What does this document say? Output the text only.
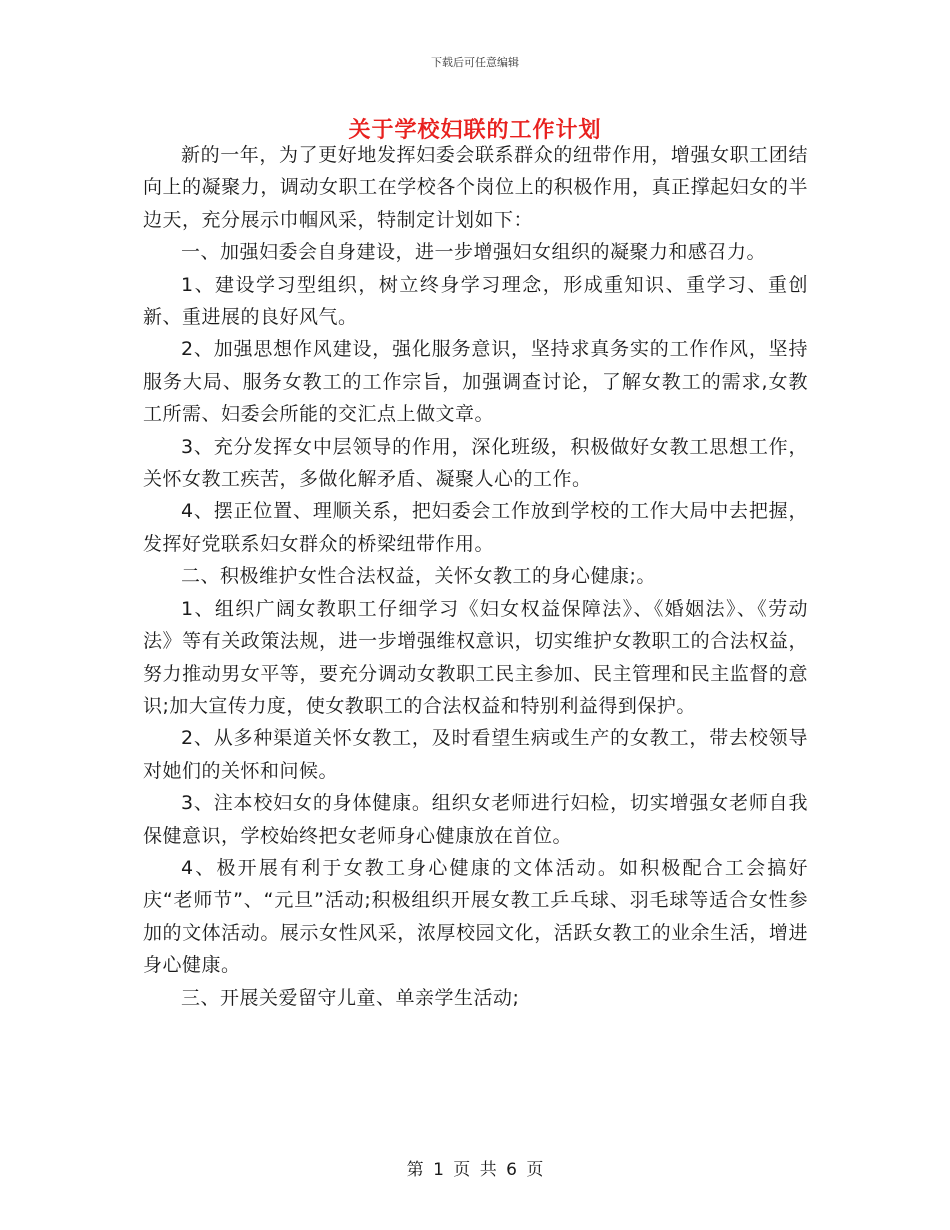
下载后可任意编辑
关于学校妇联的工作计划

新的一年，为了更好地发挥妇委会联系群众的纽带作用，增强女职工团结向上的凝聚力，调动女职工在学校各个岗位上的积极作用，真正撑起妇女的半边天，充分展示巾帼风采，特制定计划如下：

一、加强妇委会自身建设，进一步增强妇女组织的凝聚力和感召力。

1、建设学习型组织，树立终身学习理念，形成重知识、重学习、重创新、重进展的良好风气。

2、加强思想作风建设，强化服务意识，坚持求真务实的工作作风，坚持服务大局、服务女教工的工作宗旨，加强调查讨论，了解女教工的需求,女教工所需、妇委会所能的交汇点上做文章。

3、充分发挥女中层领导的作用，深化班级，积极做好女教工思想工作，关怀女教工疾苦，多做化解矛盾、凝聚人心的工作。

4、摆正位置、理顺关系，把妇委会工作放到学校的工作大局中去把握，发挥好党联系妇女群众的桥梁纽带作用。

二、积极维护女性合法权益，关怀女教工的身心健康;。

1、组织广阔女教职工仔细学习《妇女权益保障法》、《婚姻法》、《劳动法》等有关政策法规，进一步增强维权意识，切实维护女教职工的合法权益，努力推动男女平等，要充分调动女教职工民主参加、民主管理和民主监督的意识;加大宣传力度，使女教职工的合法权益和特别利益得到保护。

2、从多种渠道关怀女教工，及时看望生病或生产的女教工，带去校领导对她们的关怀和问候。

3、注本校妇女的身体健康。组织女老师进行妇检，切实增强女老师自我保健意识，学校始终把女老师身心健康放在首位。

4、极开展有利于女教工身心健康的文体活动。如积极配合工会搞好庆“老师节”、“元旦”活动;积极组织开展女教工乒乓球、羽毛球等适合女性参加的文体活动。展示女性风采，浓厚校园文化，活跃女教工的业余生活，增进身心健康。

三、开展关爱留守儿童、单亲学生活动;

第 1 页 共 6 页
